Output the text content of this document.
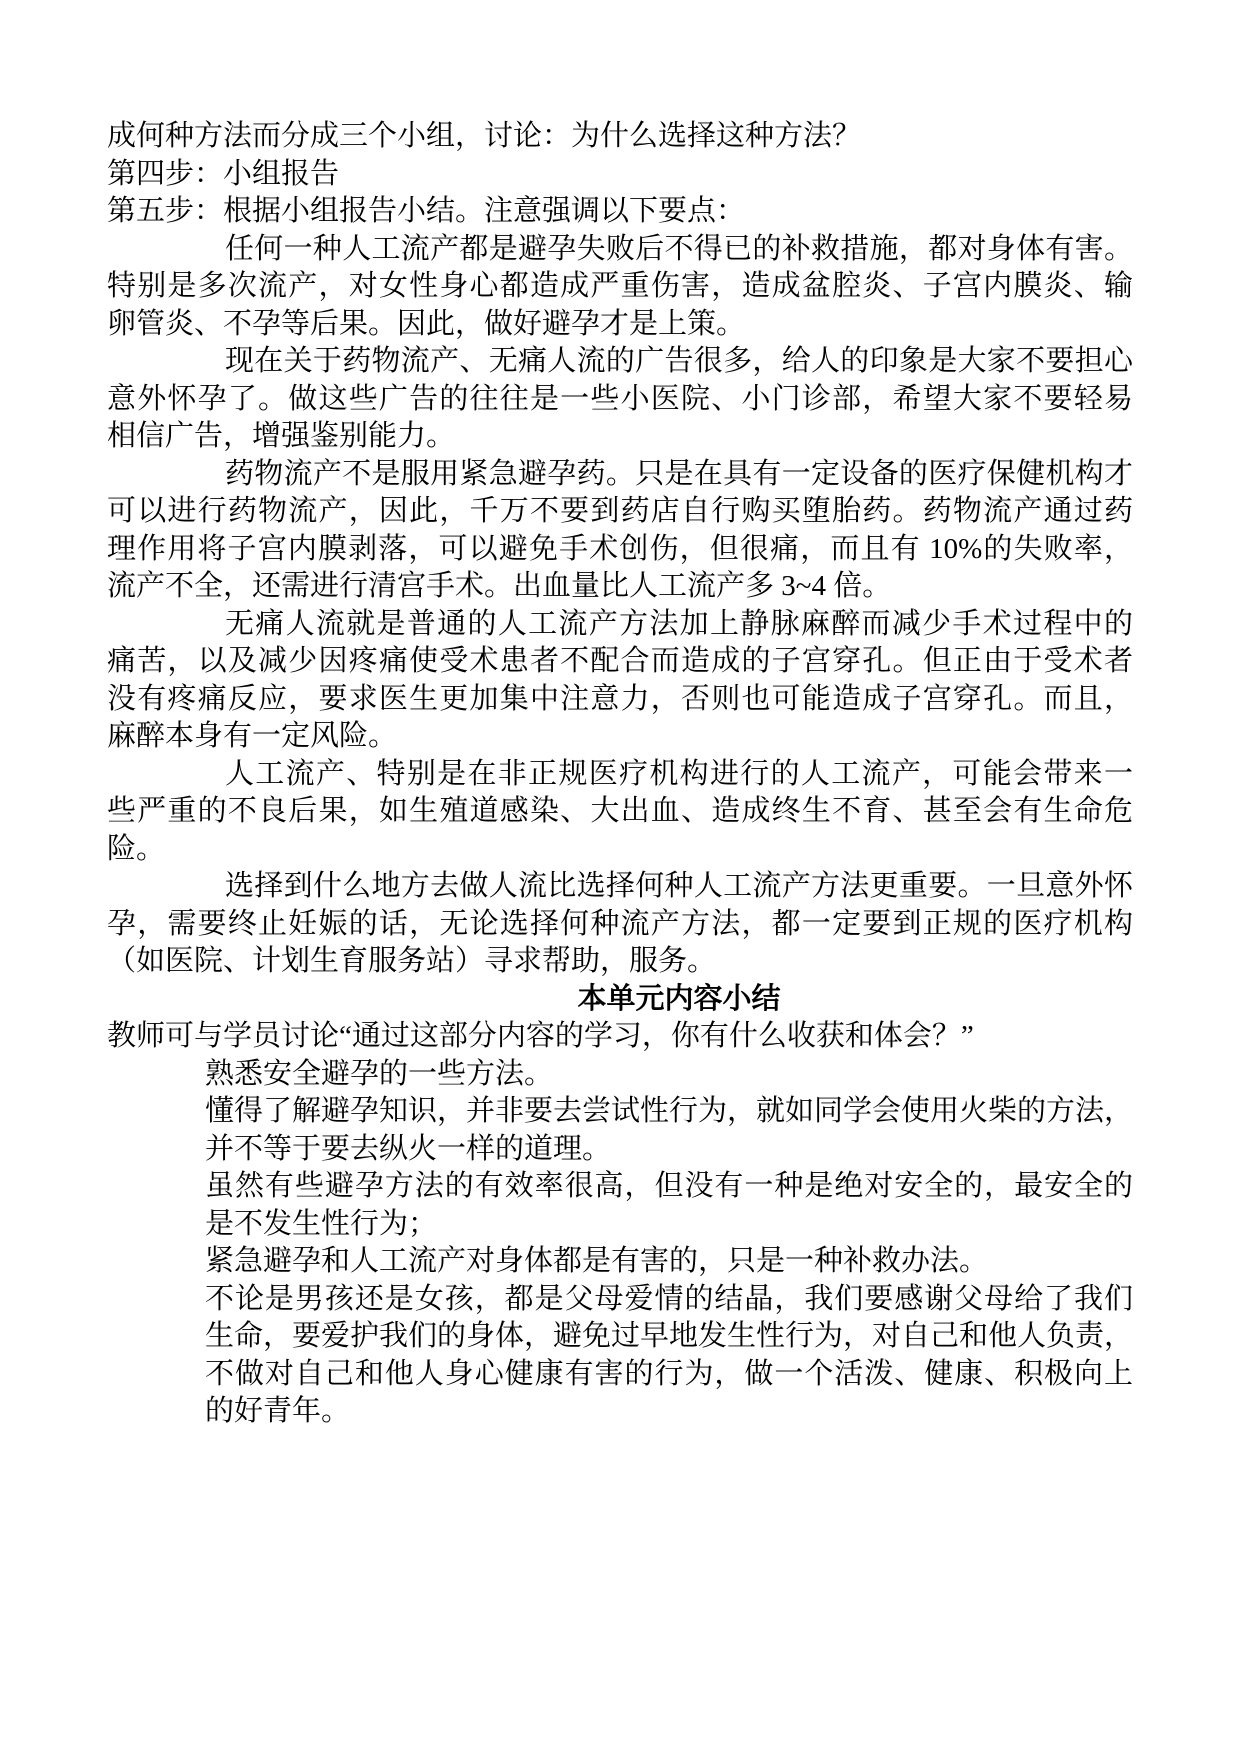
成何种方法而分成三个小组，讨论：为什么选择这种方法？
第四步：小组报告
第五步：根据小组报告小结。注意强调以下要点：
任何一种人工流产都是避孕失败后不得已的补救措施，都对身体有害。
特别是多次流产，对女性身心都造成严重伤害，造成盆腔炎、子宫内膜炎、输
卵管炎、不孕等后果。因此，做好避孕才是上策。
现在关于药物流产、无痛人流的广告很多，给人的印象是大家不要担心
意外怀孕了。做这些广告的往往是一些小医院、小门诊部，希望大家不要轻易
相信广告，增强鉴别能力。
药物流产不是服用紧急避孕药。只是在具有一定设备的医疗保健机构才
可以进行药物流产，因此，千万不要到药店自行购买堕胎药。药物流产通过药
理作用将子宫内膜剥落，可以避免手术创伤，但很痛，而且有 10%的失败率，
流产不全，还需进行清宫手术。出血量比人工流产多 3~4 倍。
无痛人流就是普通的人工流产方法加上静脉麻醉而减少手术过程中的
痛苦，以及减少因疼痛使受术患者不配合而造成的子宫穿孔。但正由于受术者
没有疼痛反应，要求医生更加集中注意力，否则也可能造成子宫穿孔。而且，
麻醉本身有一定风险。
人工流产、特别是在非正规医疗机构进行的人工流产，可能会带来一
些严重的不良后果，如生殖道感染、大出血、造成终生不育、甚至会有生命危
险。
选择到什么地方去做人流比选择何种人工流产方法更重要。一旦意外怀
孕，需要终止妊娠的话，无论选择何种流产方法，都一定要到正规的医疗机构
（如医院、计划生育服务站）寻求帮助，服务。
本单元内容小结
教师可与学员讨论“通过这部分内容的学习，你有什么收获和体会？”
熟悉安全避孕的一些方法。
懂得了解避孕知识，并非要去尝试性行为，就如同学会使用火柴的方法，
并不等于要去纵火一样的道理。
虽然有些避孕方法的有效率很高，但没有一种是绝对安全的，最安全的
是不发生性行为；
紧急避孕和人工流产对身体都是有害的，只是一种补救办法。
不论是男孩还是女孩，都是父母爱情的结晶，我们要感谢父母给了我们
生命，要爱护我们的身体，避免过早地发生性行为，对自己和他人负责，
不做对自己和他人身心健康有害的行为，做一个活泼、健康、积极向上
的好青年。
